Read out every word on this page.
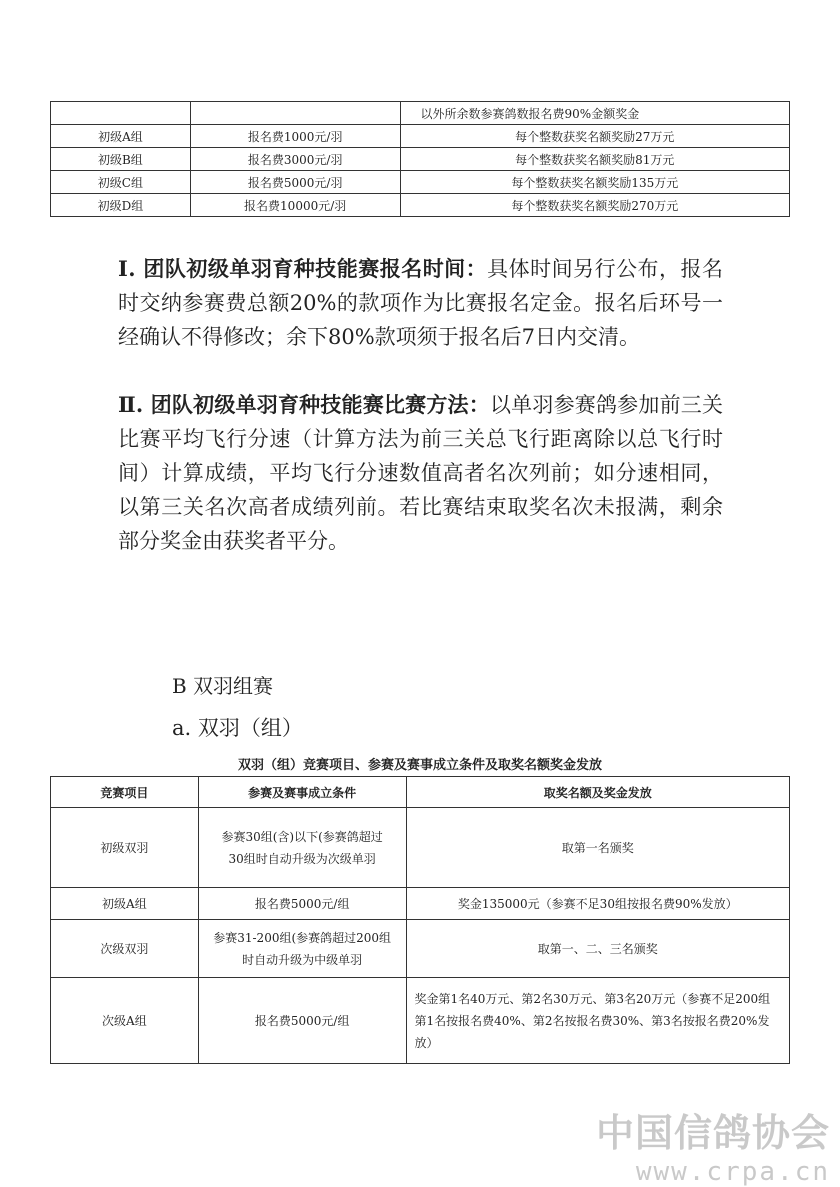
		以外所余数参赛鸽数报名费90%金额奖金
初级A组	报名费1000元/羽	每个整数获奖名额奖励27万元
初级B组	报名费3000元/羽	每个整数获奖名额奖励81万元
初级C组	报名费5000元/羽	每个整数获奖名额奖励135万元
初级D组	报名费10000元/羽	每个整数获奖名额奖励270万元
Ⅰ. 团队初级单羽育种技能赛报名时间：具体时间另行公布，报名时交纳参赛费总额20%的款项作为比赛报名定金。报名后环号一经确认不得修改；余下80%款项须于报名后7日内交清。
Ⅱ. 团队初级单羽育种技能赛比赛方法：以单羽参赛鸽参加前三关比赛平均飞行分速（计算方法为前三关总飞行距离除以总飞行时间）计算成绩，平均飞行分速数值高者名次列前；如分速相同，以第三关名次高者成绩列前。若比赛结束取奖名次未报满，剩余部分奖金由获奖者平分。
B 双羽组赛
a. 双羽（组）
双羽（组）竞赛项目、参赛及赛事成立条件及取奖名额奖金发放
竞赛项目	参赛及赛事成立条件	取奖名额及奖金发放
初级双羽	参赛30组(含)以下(参赛鸽超过30组时自动升级为次级单羽	取第一名颁奖
初级A组	报名费5000元/组	奖金135000元（参赛不足30组按报名费90%发放）
次级双羽	参赛31-200组(参赛鸽超过200组时自动升级为中级单羽	取第一、二、三名颁奖
次级A组	报名费5000元/组	奖金第1名40万元、第2名30万元、第3名20万元（参赛不足200组第1名按报名费40%、第2名按报名费30%、第3名按报名费20%发放）
中国信鸽协会
www.crpa.cn
